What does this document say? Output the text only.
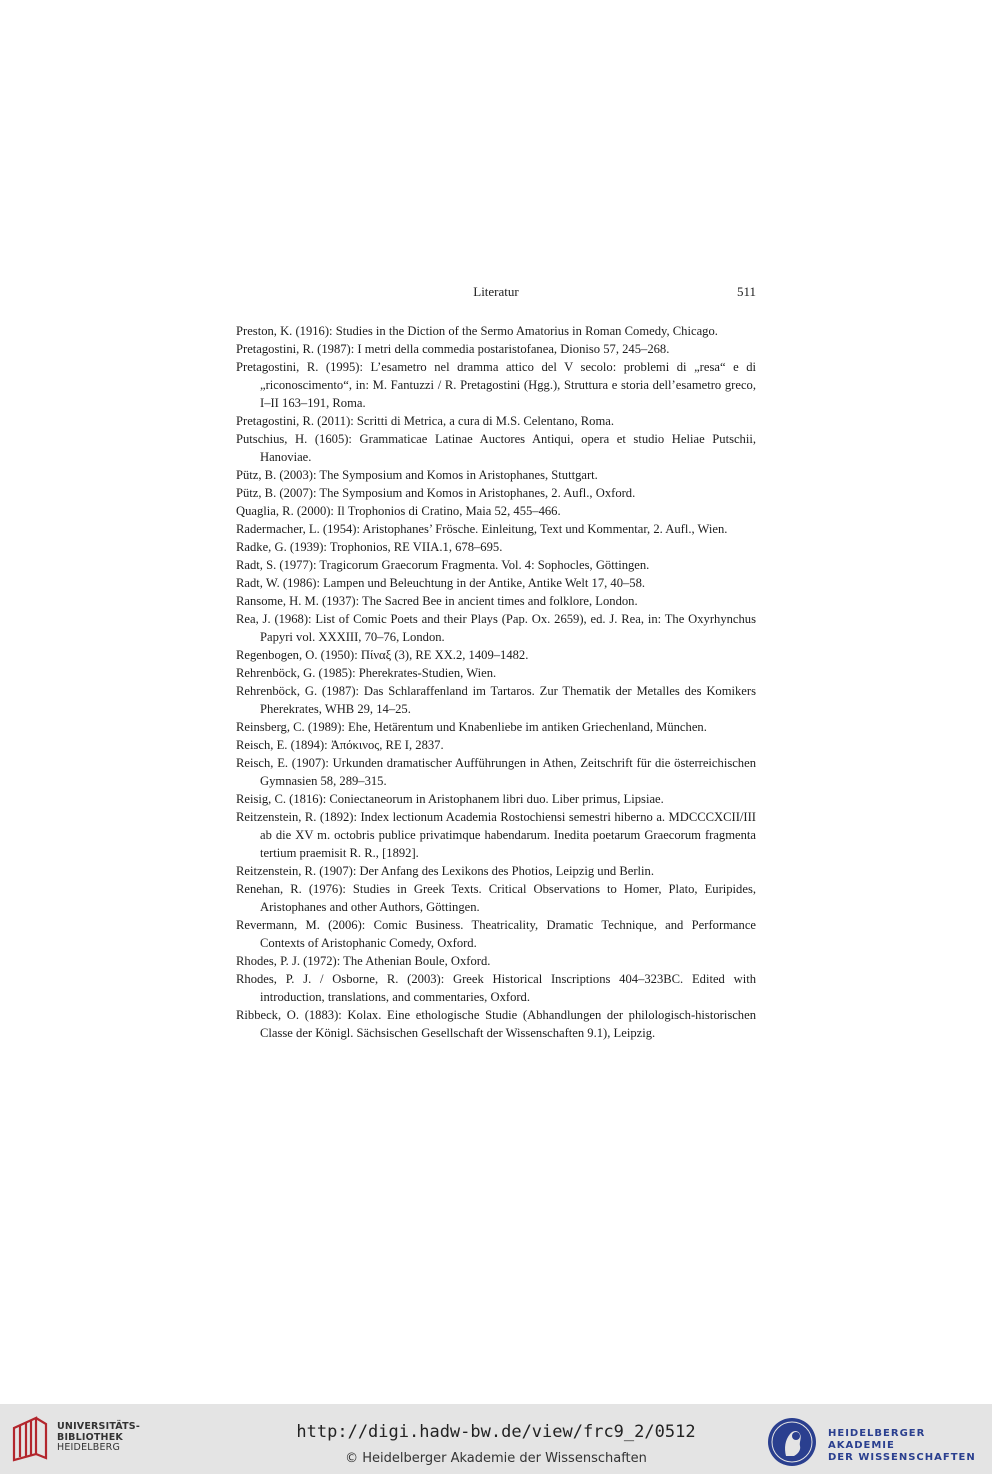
Literatur	511
Preston, K. (1916): Studies in the Diction of the Sermo Amatorius in Roman Comedy, Chicago.
Pretagostini, R. (1987): I metri della commedia postaristofanea, Dioniso 57, 245–268.
Pretagostini, R. (1995): L’esametro nel dramma attico del V secolo: problemi di „resa“ e di „riconoscimento“, in: M. Fantuzzi / R. Pretagostini (Hgg.), Struttura e storia dell’esametro greco, I–II 163–191, Roma.
Pretagostini, R. (2011): Scritti di Metrica, a cura di M.S. Celentano, Roma.
Putschius, H. (1605): Grammaticae Latinae Auctores Antiqui, opera et studio Heliae Putschii, Hanoviae.
Pütz, B. (2003): The Symposium and Komos in Aristophanes, Stuttgart.
Pütz, B. (2007): The Symposium and Komos in Aristophanes, 2. Aufl., Oxford.
Quaglia, R. (2000): Il Trophonios di Cratino, Maia 52, 455–466.
Radermacher, L. (1954): Aristophanes’ Frösche. Einleitung, Text und Kommentar, 2. Aufl., Wien.
Radke, G. (1939): Trophonios, RE VIIA.1, 678–695.
Radt, S. (1977): Tragicorum Graecorum Fragmenta. Vol. 4: Sophocles, Göttingen.
Radt, W. (1986): Lampen und Beleuchtung in der Antike, Antike Welt 17, 40–58.
Ransome, H. M. (1937): The Sacred Bee in ancient times and folklore, London.
Rea, J. (1968): List of Comic Poets and their Plays (Pap. Ox. 2659), ed. J. Rea, in: The Oxyrhynchus Papyri vol. XXXIII, 70–76, London.
Regenbogen, O. (1950): Πίναξ (3), RE XX.2, 1409–1482.
Rehrenböck, G. (1985): Pherekrates-Studien, Wien.
Rehrenböck, G. (1987): Das Schlaraffenland im Tartaros. Zur Thematik der Metalles des Komikers Pherekrates, WHB 29, 14–25.
Reinsberg, C. (1989): Ehe, Hetärentum und Knabenliebe im antiken Griechenland, München.
Reisch, E. (1894): Ἀπόκινος, RE I, 2837.
Reisch, E. (1907): Urkunden dramatischer Aufführungen in Athen, Zeitschrift für die österreichischen Gymnasien 58, 289–315.
Reisig, C. (1816): Coniectaneorum in Aristophanem libri duo. Liber primus, Lipsiae.
Reitzenstein, R. (1892): Index lectionum Academia Rostochiensi semestri hiberno a. MDCCCXCII/III ab die XV m. octobris publice privatimque habendarum. Inedita poetarum Graecorum fragmenta tertium praemisit R. R., [1892].
Reitzenstein, R. (1907): Der Anfang des Lexikons des Photios, Leipzig und Berlin.
Renehan, R. (1976): Studies in Greek Texts. Critical Observations to Homer, Plato, Euripides, Aristophanes and other Authors, Göttingen.
Revermann, M. (2006): Comic Business. Theatricality, Dramatic Technique, and Performance Contexts of Aristophanic Comedy, Oxford.
Rhodes, P. J. (1972): The Athenian Boule, Oxford.
Rhodes, P. J. / Osborne, R. (2003): Greek Historical Inscriptions 404–323BC. Edited with introduction, translations, and commentaries, Oxford.
Ribbeck, O. (1883): Kolax. Eine ethologische Studie (Abhandlungen der philologisch-historischen Classe der Königl. Sächsischen Gesellschaft der Wissenschaften 9.1), Leipzig.
UNIVERSITÄTS-
BIBLIOTHEK
HEIDELBERG
http://digi.hadw-bw.de/view/frc9_2/0512
© Heidelberger Akademie der Wissenschaften
HEIDELBERGER AKADEMIE
DER WISSENSCHAFTEN
